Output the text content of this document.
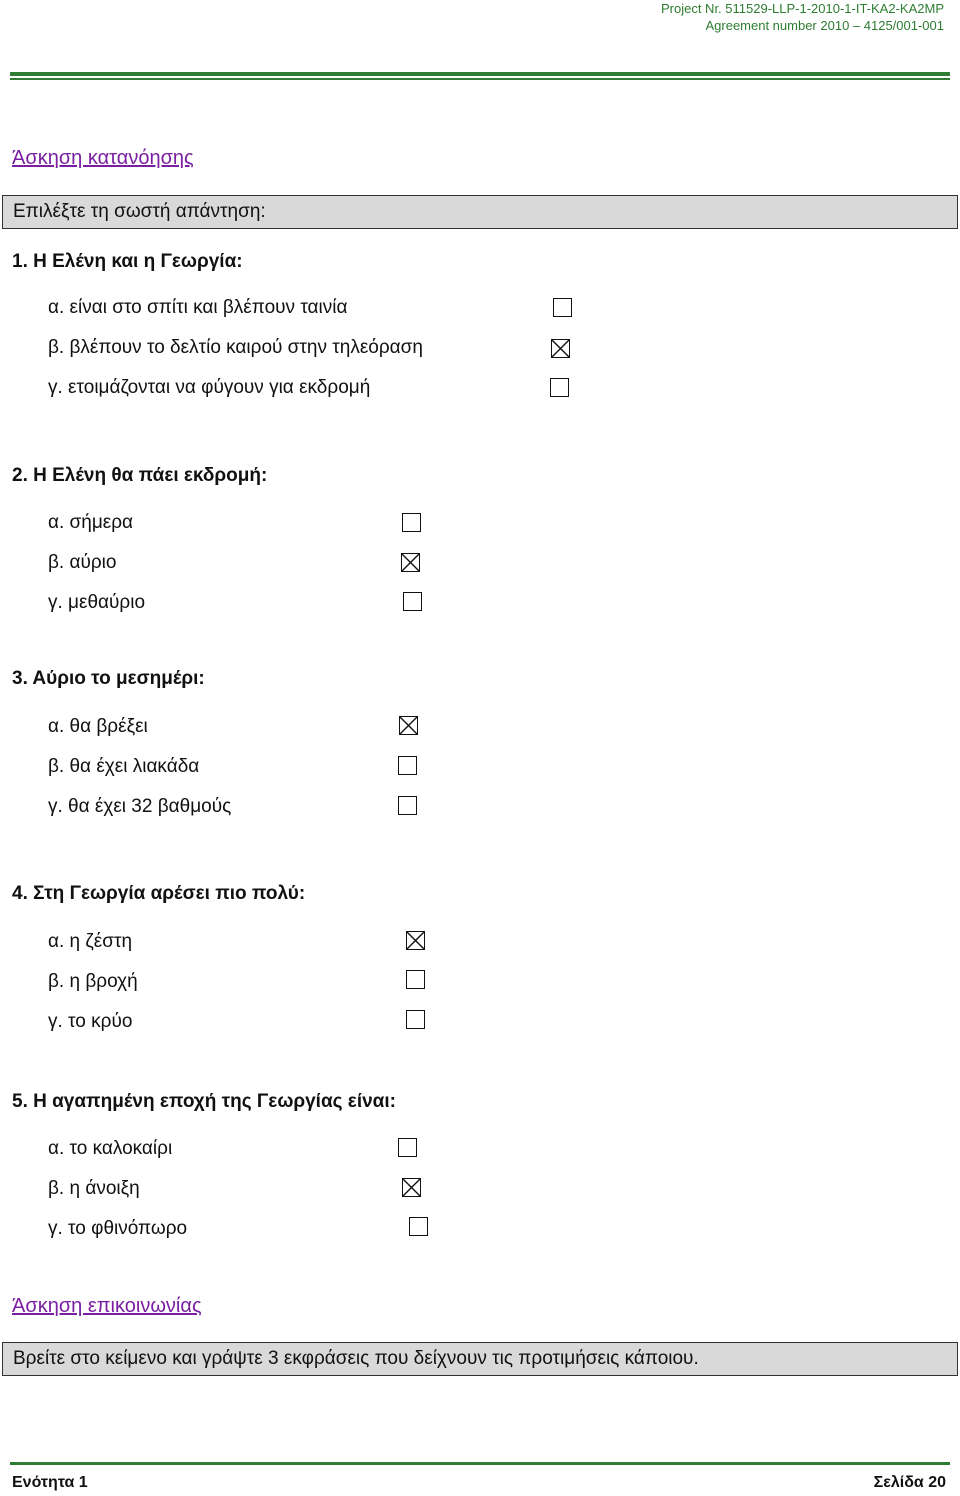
Project Nr. 511529-LLP-1-2010-1-IT-KA2-KA2MP
Agreement number 2010 – 4125/001-001
Άσκηση κατανόησης
Επιλέξτε τη σωστή απάντηση:
1. Η Ελένη και η Γεωργία:
α. είναι στο σπίτι και βλέπουν ταινία
β. βλέπουν το δελτίο καιρού στην τηλεόραση
γ. ετοιμάζονται να φύγουν για εκδρομή
2. Η Ελένη θα πάει εκδρομή:
α. σήμερα
β. αύριο
γ. μεθαύριο
3. Αύριο το μεσημέρι:
α. θα βρέξει
β. θα έχει λιακάδα
γ. θα έχει 32 βαθμούς
4. Στη Γεωργία αρέσει πιο πολύ:
α. η ζέστη
β. η βροχή
γ. το κρύο
5. Η αγαπημένη εποχή της Γεωργίας είναι:
α. το καλοκαίρι
β. η άνοιξη
γ. το φθινόπωρο
Άσκηση επικοινωνίας
Βρείτε στο κείμενο και γράψτε 3 εκφράσεις που δείχνουν τις προτιμήσεις κάποιου.
Ενότητα 1	Σελίδα 20
